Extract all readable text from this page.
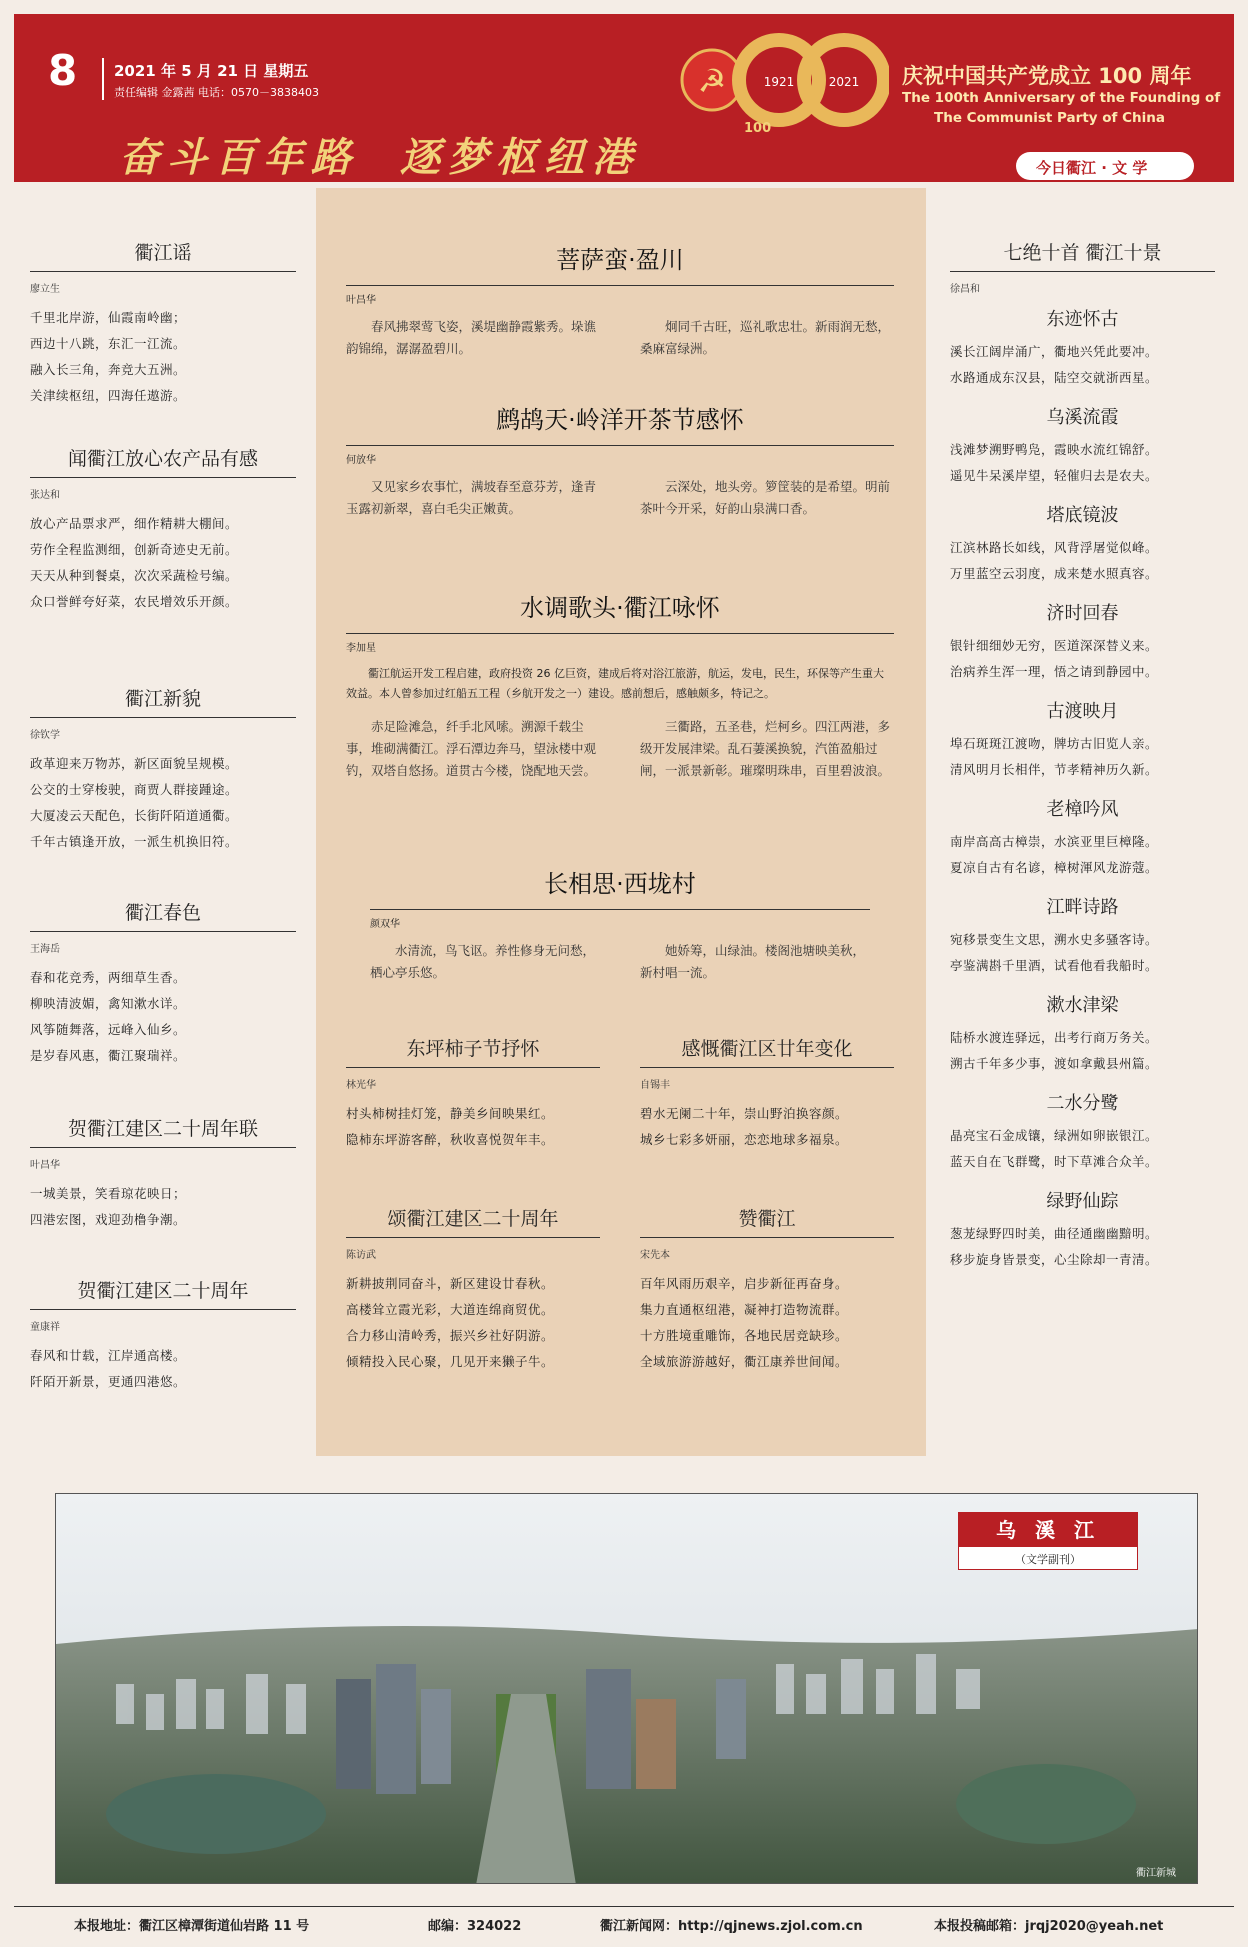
8 2021 年 5 月 21 日 星期五
责任编辑 金露茜 电话：0570－3838403	☭	1921	2021
100
庆祝中国共产党成立 100 周年
The 100th Anniversary of the Founding of
The Communist Party of China
奋斗百年路 逐梦枢纽港	今日衢江 · 文 学
衢江谣
廖立生
千里北岸游，仙霞南岭幽；
西边十八跳，东汇一江流。
融入长三角，奔竞大五洲。
关津续枢纽，四海任遨游。
闻衢江放心农产品有感
张达和
放心产品票求严，细作精耕大棚间。
劳作全程监测细，创新奇迹史无前。
天天从种到餐桌，次次采蔬检号编。
众口誉鲜夸好菜，农民增效乐开颜。
衢江新貌
徐钦学
政革迎来万物苏，新区面貌呈规模。
公交的士穿梭驶，商贾人群接踵途。
大厦凌云天配色，长街阡陌道通衢。
千年古镇逢开放，一派生机换旧符。
衢江春色
王海岳
春和花竞秀，两细草生香。
柳映清波媚，禽知漱水详。
风筝随舞落，远峰入仙乡。
是岁春风惠，衢江聚瑞祥。
贺衢江建区二十周年联
叶昌华
一城美景，笑看琼花映日；
四港宏图，戏迎劲橹争潮。
贺衢江建区二十周年
童康祥
春风和廿载，江岸通高楼。
阡陌开新景，更通四港悠。
七绝十首 衢江十景
徐昌和
东迹怀古
溪长江阔岸涌广，衢地兴凭此要冲。
水路通成东汉县，陆空交就浙西星。
乌溪流霞
浅滩梦溯野鸭凫，霞映水流红锦舒。
遥见牛呆溪岸望，轻催归去是农夫。
塔底镜波
江滨林路长如线，风背浮屠觉似峰。
万里蓝空云羽度，成来楚水照真容。
济时回春
银针细细妙无穷，医道深深替义来。
治病养生浑一理，悟之请到静园中。
古渡映月
埠石斑斑江渡吻，牌坊古旧览人亲。
清风明月长相伴，节孝精神历久新。
老樟吟风
南岸高高古樟崇，水滨亚里巨樟隆。
夏凉自古有名谚，樟树渾风龙游蔻。
江畔诗路
宛移景变生文思，溯水史多骚客诗。
亭鉴满斟千里酒，试看他看我船时。
漱水津梁
陆桥水渡连驿远，出考行商万务关。
溯古千年多少事，渡如拿戴县州篇。
二水分鹭
晶亮宝石金成镶，绿洲如卵嵌银江。
蓝天自在飞群鹭，时下草滩合众羊。
绿野仙踪
葱茏绿野四时美，曲径通幽幽黯明。
移步旋身皆景变，心尘除却一青清。
菩萨蛮·盈川
叶昌华
春风拂翠莺飞姿，溪堤幽静霞紫秀。垛谯韵锦绵，潺潺盈碧川。
炯同千古旺，巡礼歌忠壮。新雨润无愁，桑麻富绿洲。
鹧鸪天·岭洋开茶节感怀
何放华
又见家乡农事忙，满坡春至意芬芳，逢青玉露初新翠，喜白毛尖正嫩黄。
云深处，地头旁。箩筐装的是希望。明前茶叶今开采，好韵山泉满口香。
水调歌头·衢江咏怀
李加星
衢江航运开发工程启建，政府投资 26 亿巨资，建成后将对浴江旅游，航运，发电，民生，环保等产生重大效益。本人曾参加过红船五工程（乡航开发之一）建设。感前想后，感触颇多，特记之。
赤足险滩急，纤手北风嗦。溯源千载尘事，堆砌满衢江。浮石潭边奔马，望泳楼中观钓，双塔自悠扬。道贯古今楼，饶配地天尝。
三衢路，五圣巷，烂柯乡。四江两港，多级开发展津梁。乱石萋溪换貌，汽笛盈船过闸，一派景新彰。璀璨明珠串，百里碧波浪。
长相思·西垅村
颜双华
水清流，鸟飞讴。养性修身无问愁，栖心亭乐悠。
她娇筹，山绿油。楼阁池塘映美秋，新村唱一流。
东坪柿子节抒怀
林光华
村头柿树挂灯笼，静美乡间映果红。
隐柿东坪游客醉，秋收喜悦贺年丰。
感慨衢江区廿年变化
自锡丰
碧水无阑二十年，崇山野泊换容颜。
城乡七彩多妍丽，恋恋地球多福泉。
颂衢江建区二十周年
陈访武
新耕披荆同奋斗，新区建设廿春秋。
高楼耸立霞光彩，大道连绵商贸优。
合力移山清岭秀，振兴乡社好阴游。
倾精投入民心聚，几见开来獭子牛。
赞衢江
宋先本
百年风雨历艰辛，启步新征再奋身。
集力直通枢纽港，凝神打造物流群。
十方胜境重雕饰，各地民居竞缺珍。
全域旅游游越好，衢江康养世间闻。
衢江新城
乌 溪 江
（文学副刊）
本报地址：衢江区樟潭街道仙岩路 11 号	邮编：324022	衢江新闻网：http://qjnews.zjol.com.cn	本报投稿邮箱：jrqj2020@yeah.net
